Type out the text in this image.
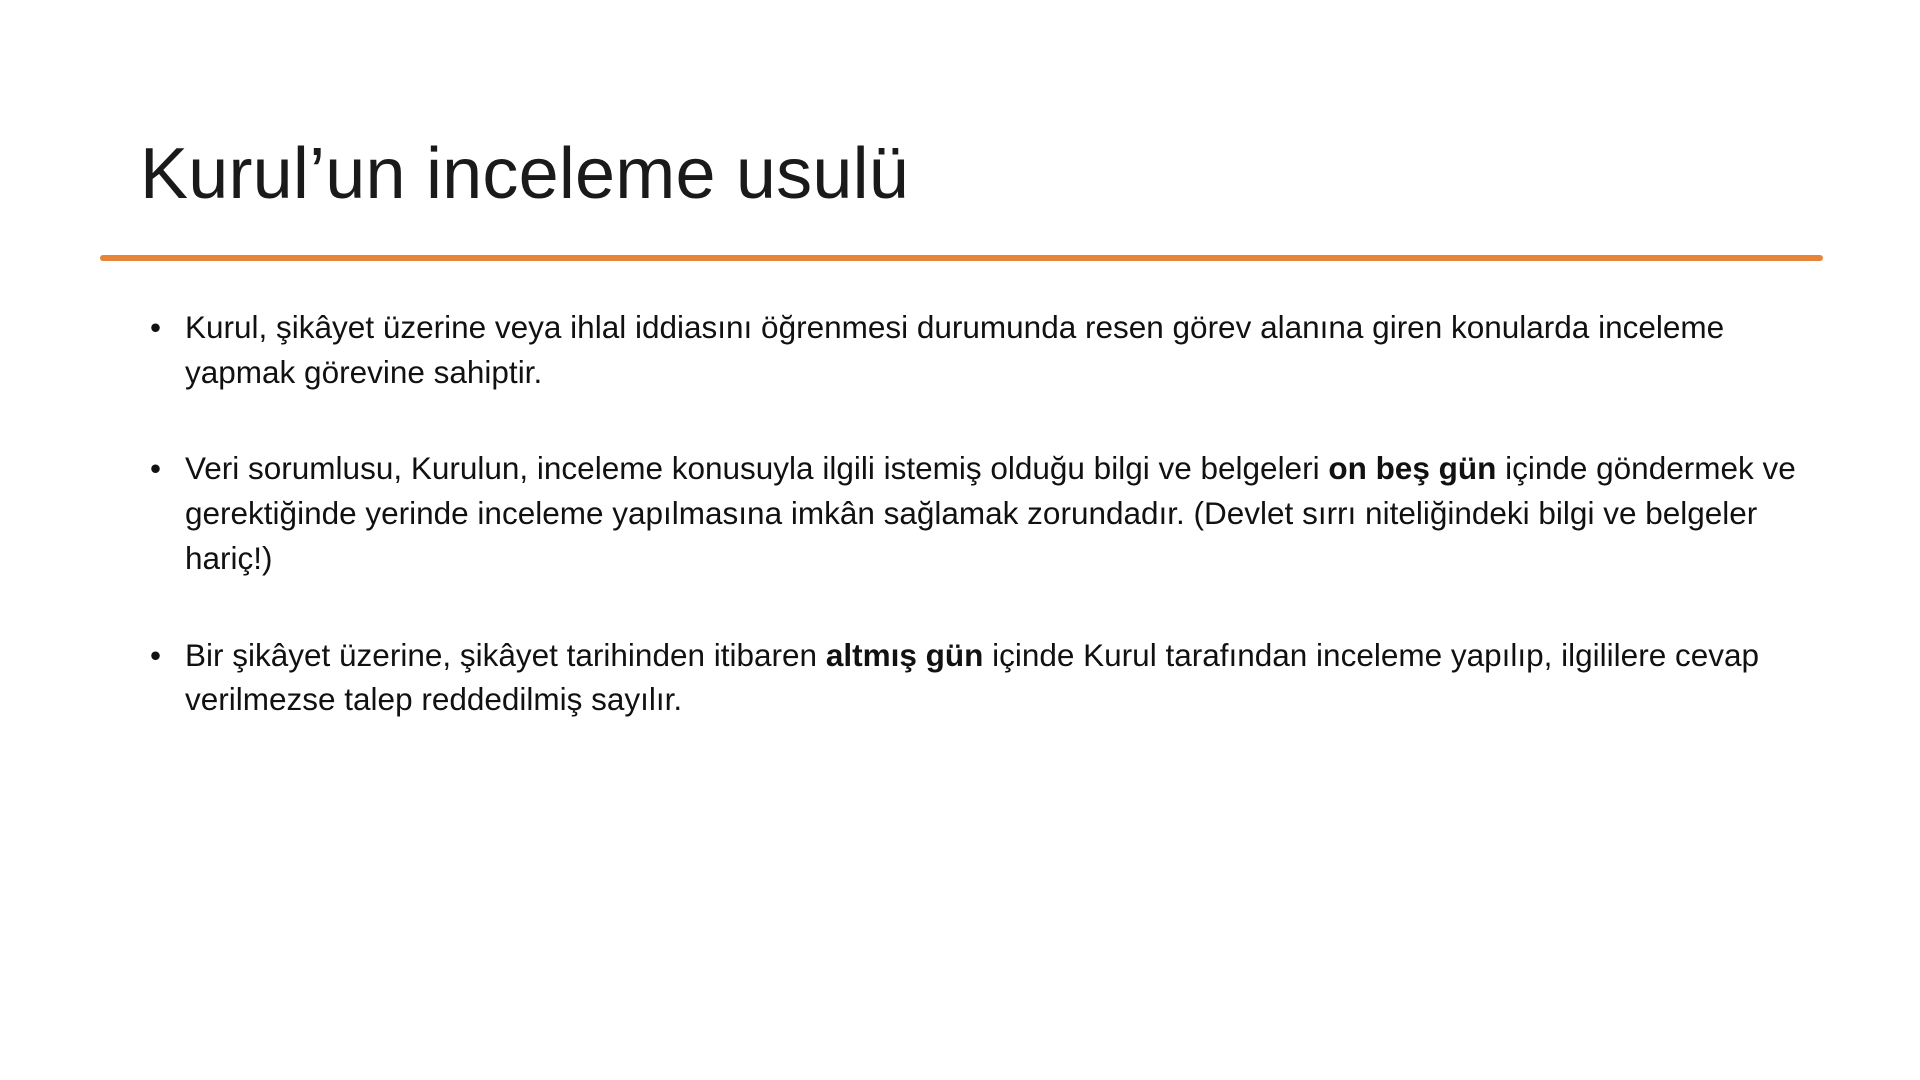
Kurul’un inceleme usulü
• Kurul, şikâyet üzerine veya ihlal iddiasını öğrenmesi durumunda resen görev alanına giren konularda inceleme yapmak görevine sahiptir.
• Veri sorumlusu, Kurulun, inceleme konusuyla ilgili istemiş olduğu bilgi ve belgeleri on beş gün içinde göndermek ve gerektiğinde yerinde inceleme yapılmasına imkân sağlamak zorundadır. (Devlet sırrı niteliğindeki bilgi ve belgeler hariç!)
• Bir şikâyet üzerine, şikâyet tarihinden itibaren altmış gün içinde Kurul tarafından inceleme yapılıp, ilgililere cevap verilmezse talep reddedilmiş sayılır.
